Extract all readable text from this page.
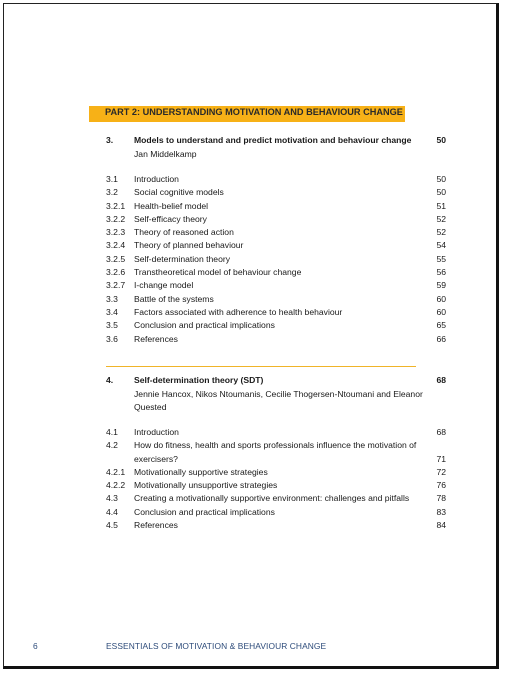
PART 2: UNDERSTANDING MOTIVATION AND BEHAVIOUR CHANGE
3. Models to understand and predict motivation and behaviour change	50
Jan Middelkamp
3.1 Introduction	50
3.2 Social cognitive models	50
3.2.1 Health-belief model	51
3.2.2 Self-efficacy theory	52
3.2.3 Theory of reasoned action	52
3.2.4 Theory of planned behaviour	54
3.2.5 Self-determination theory	55
3.2.6 Transtheoretical model of behaviour change	56
3.2.7 I-change model	59
3.3 Battle of the systems	60
3.4 Factors associated with adherence to health behaviour	60
3.5 Conclusion and practical implications	65
3.6 References	66
4. Self-determination theory (SDT)	68
Jennie Hancox, Nikos Ntoumanis, Cecilie Thogersen-Ntoumani and Eleanor Quested
4.1 Introduction	68
4.2 How do fitness, health and sports professionals influence the motivation of exercisers?	71
4.2.1 Motivationally supportive strategies	72
4.2.2 Motivationally unsupportive strategies	76
4.3 Creating a motivationally supportive environment: challenges and pitfalls	78
4.4 Conclusion and practical implications	83
4.5 References	84
6	ESSENTIALS OF MOTIVATION & BEHAVIOUR CHANGE
